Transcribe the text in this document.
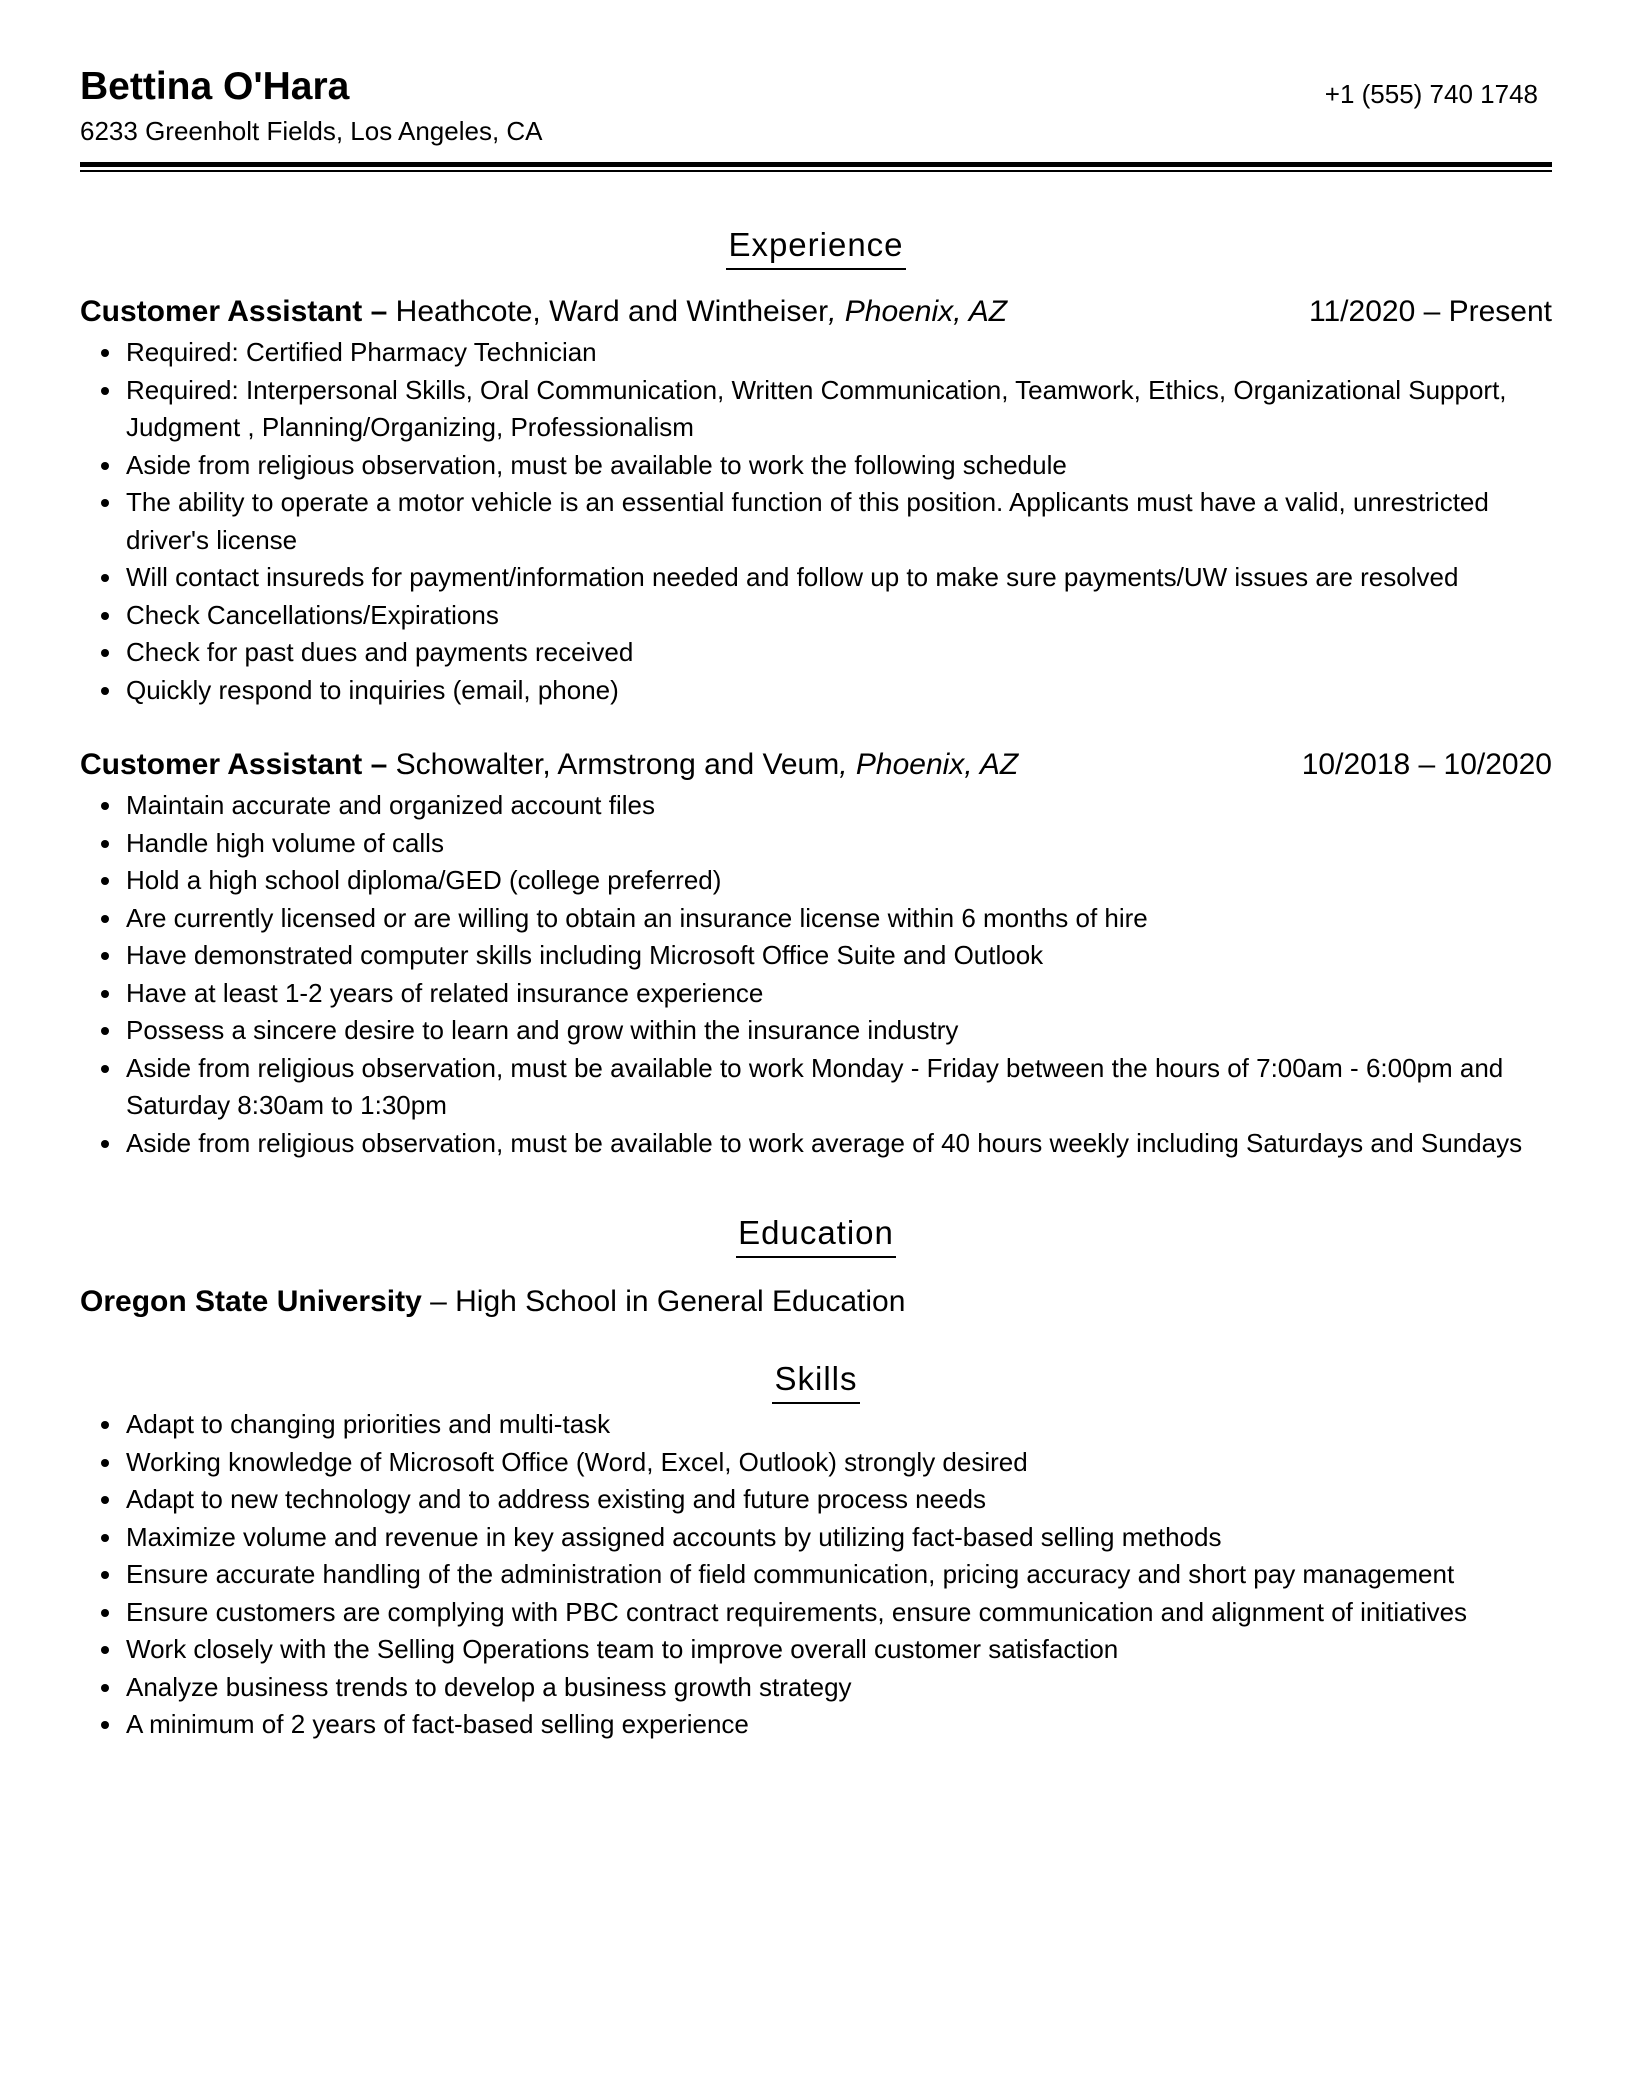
Bettina O'Hara
6233 Greenholt Fields, Los Angeles, CA
+1 (555) 740 1748
Experience
Customer Assistant – Heathcote, Ward and Wintheiser, Phoenix, AZ	11/2020 – Present
Required: Certified Pharmacy Technician
Required: Interpersonal Skills, Oral Communication, Written Communication, Teamwork, Ethics, Organizational Support, Judgment , Planning/Organizing, Professionalism
Aside from religious observation, must be available to work the following schedule
The ability to operate a motor vehicle is an essential function of this position. Applicants must have a valid, unrestricted driver's license
Will contact insureds for payment/information needed and follow up to make sure payments/UW issues are resolved
Check Cancellations/Expirations
Check for past dues and payments received
Quickly respond to inquiries (email, phone)
Customer Assistant – Schowalter, Armstrong and Veum, Phoenix, AZ	10/2018 – 10/2020
Maintain accurate and organized account files
Handle high volume of calls
Hold a high school diploma/GED (college preferred)
Are currently licensed or are willing to obtain an insurance license within 6 months of hire
Have demonstrated computer skills including Microsoft Office Suite and Outlook
Have at least 1-2 years of related insurance experience
Possess a sincere desire to learn and grow within the insurance industry
Aside from religious observation, must be available to work Monday - Friday between the hours of 7:00am - 6:00pm and Saturday 8:30am to 1:30pm
Aside from religious observation, must be available to work average of 40 hours weekly including Saturdays and Sundays
Education
Oregon State University – High School in General Education
Skills
Adapt to changing priorities and multi-task
Working knowledge of Microsoft Office (Word, Excel, Outlook) strongly desired
Adapt to new technology and to address existing and future process needs
Maximize volume and revenue in key assigned accounts by utilizing fact-based selling methods
Ensure accurate handling of the administration of field communication, pricing accuracy and short pay management
Ensure customers are complying with PBC contract requirements, ensure communication and alignment of initiatives
Work closely with the Selling Operations team to improve overall customer satisfaction
Analyze business trends to develop a business growth strategy
A minimum of 2 years of fact-based selling experience
